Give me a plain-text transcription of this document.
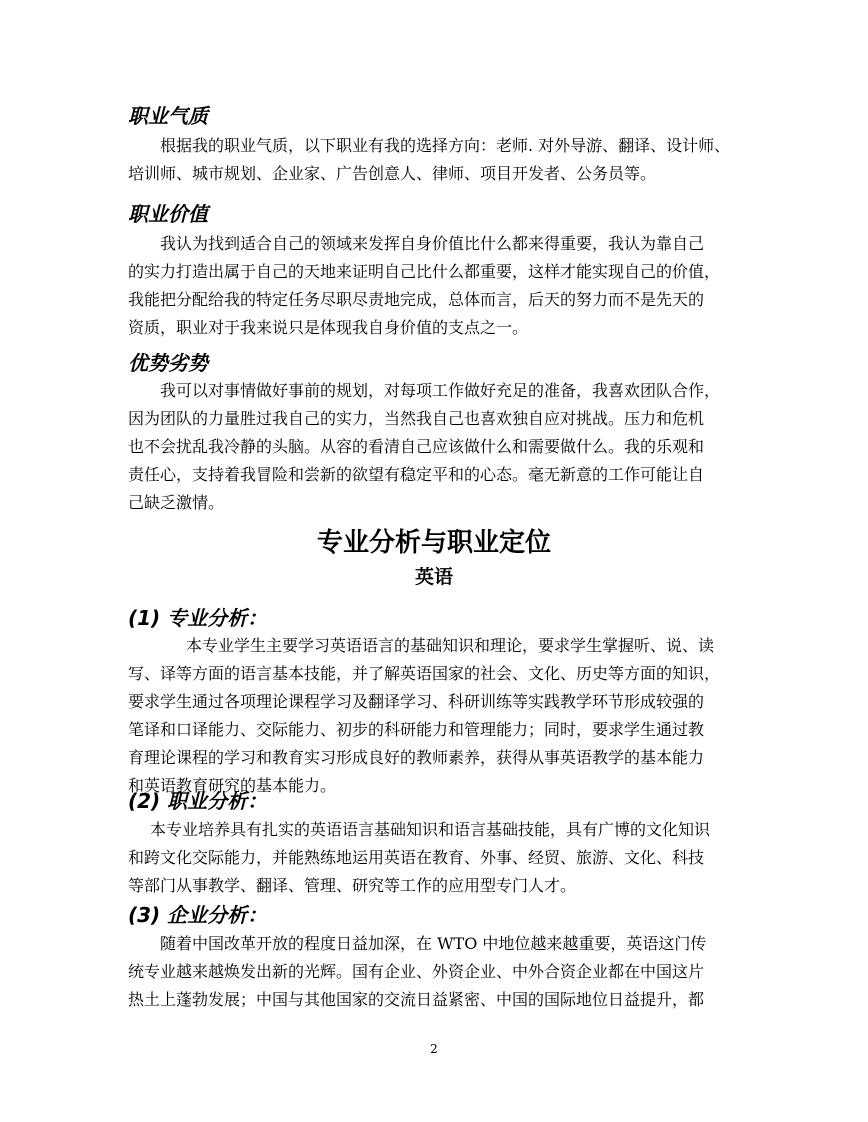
职业气质
根据我的职业气质，以下职业有我的选择方向：老师. 对外导游、翻译、设计师、
培训师、城市规划、企业家、广告创意人、律师、项目开发者、公务员等。
职业价值
我认为找到适合自己的领域来发挥自身价值比什么都来得重要，我认为靠自己
的实力打造出属于自己的天地来证明自己比什么都重要，这样才能实现自己的价值，
我能把分配给我的特定任务尽职尽责地完成，总体而言，后天的努力而不是先天的
资质，职业对于我来说只是体现我自身价值的支点之一。
优势劣势
我可以对事情做好事前的规划，对每项工作做好充足的准备，我喜欢团队合作，
因为团队的力量胜过我自己的实力，当然我自己也喜欢独自应对挑战。压力和危机
也不会扰乱我冷静的头脑。从容的看清自己应该做什么和需要做什么。我的乐观和
责任心，支持着我冒险和尝新的欲望有稳定平和的心态。毫无新意的工作可能让自
己缺乏激情。
专业分析与职业定位
英语
(1) 专业分析：
本专业学生主要学习英语语言的基础知识和理论，要求学生掌握听、说、读
写、译等方面的语言基本技能，并了解英语国家的社会、文化、历史等方面的知识，
要求学生通过各项理论课程学习及翻译学习、科研训练等实践教学环节形成较强的
笔译和口译能力、交际能力、初步的科研能力和管理能力；同时，要求学生通过教
育理论课程的学习和教育实习形成良好的教师素养，获得从事英语教学的基本能力
和英语教育研究的基本能力。
(2) 职业分析：
本专业培养具有扎实的英语语言基础知识和语言基础技能，具有广博的文化知识
和跨文化交际能力，并能熟练地运用英语在教育、外事、经贸、旅游、文化、科技
等部门从事教学、翻译、管理、研究等工作的应用型专门人才。
(3) 企业分析：
随着中国改革开放的程度日益加深，在 WTO 中地位越来越重要，英语这门传
统专业越来越焕发出新的光辉。国有企业、外资企业、中外合资企业都在中国这片
热土上蓬勃发展；中国与其他国家的交流日益紧密、中国的国际地位日益提升，都
2
